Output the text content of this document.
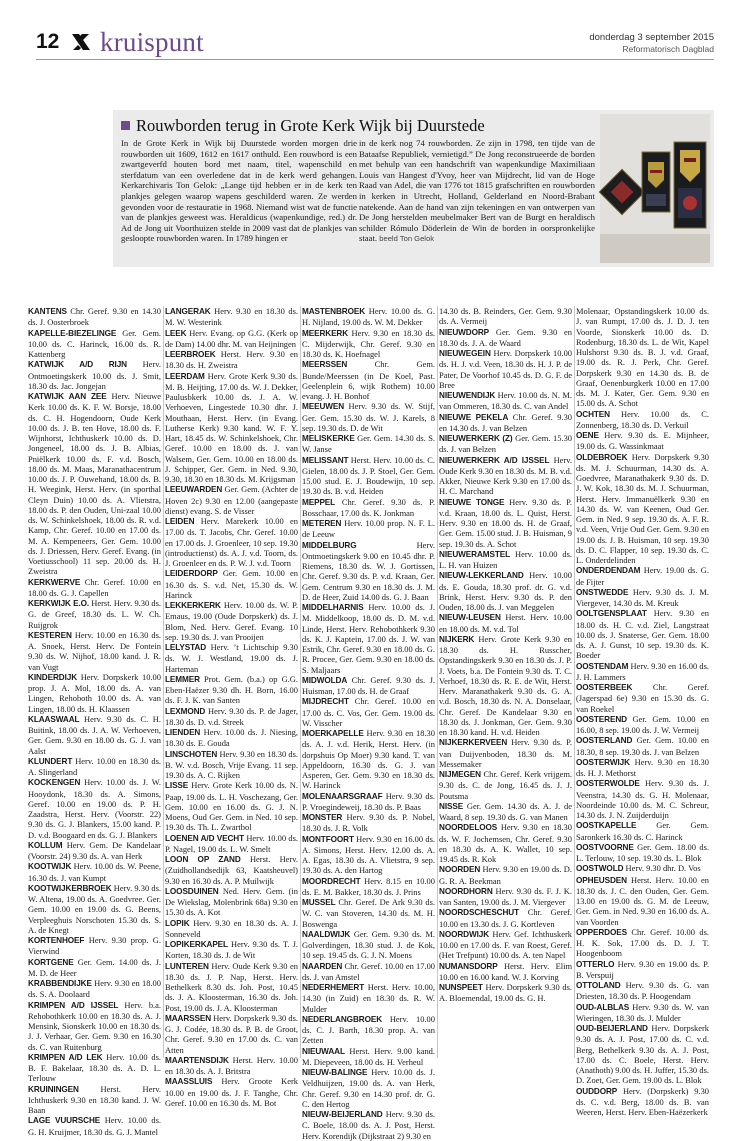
12 kruispunt	donderdag 3 september 2015
Reformatorisch Dagblad
Rouwborden terug in Grote Kerk Wijk bij Duurstede
In de Grote Kerk in Wijk bij Duurstede worden morgen drie rouwborden uit 1609, 1612 en 1617 onthuld. Een rouwbord is een zwartgeverfd houten bord met naam, titel, wapenschild en sterfdatum van een overledene dat in de kerk werd gehangen. Kerkarchivaris Ton Gelok: „Lange tijd hebben er in de kerk ten plankjes gelegen waarop wapens geschilderd waren. Ze werden gevonden voor de restauratie in 1968. Niemand wist wat de functie van de plankjes geweest was. Heraldicus (wapenkundige, red.) dr. Ad de Jong uit Voorthuizen stelde in 2009 vast dat de plankjes van gesloopte rouwborden waren. In 1789 hingen er
in de kerk nog 74 rouwborden. Ze zijn in 1798, ten tijde van de Bataafse Republiek, vernietigd.” De Jong reconstrueerde de borden met behulp van een handschrift van wapenkundige Maximiliaan Louis van Hangest d'Yvoy, heer van Mijdrecht, lid van de Hoge Raad van Adel, die van 1776 tot 1815 grafschriften en rouwborden in kerken in Utrecht, Holland, Gelderland en Noord-Brabant natekende. Aan de hand van zijn tekeningen en van ontwerpen van De Jong herstelden meubelmaker Bert van de Burgt en heraldisch schilder Rómulo Döderlein de Win de borden in oorspronkelijke staat. beeld Ton Gelok
KANTENS Chr. Geref. 9.30 en 14.30 ds. J. Oosterbroek
KAPELLE-BIEZELINGE Ger. Gem. 10.00 ds. C. Harinck, 16.00 ds. R. Kattenberg
KATWIJK A/D RIJN Herv. Ontmoetingskerk 10.00 ds. J. Smit, 18.30 ds. Jac. Jongejan
KATWIJK AAN ZEE Herv. Nieuwe Kerk 10.00 ds. K. F. W. Borsje, 18.00 ds. C. H. Hogendoorn, Oude Kerk 10.00 ds. J. B. ten Hove, 18.00 ds. F. Wijnhorst, Ichthuskerk 10.00 ds. D. Jongeneel, 18.00 ds. J. B. Albias, Pniëlkerk 10.00 ds. F. v.d. Bosch, 18.00 ds. M. Maas, Maranathacentrum 10.00 ds. J. P. Ouwehand, 18.00 ds. B. H. Weegink, Herst. Herv. (in sporthal Cleyn Duin) 10.00 ds. A. Vlietstra, 18.00 ds. P. den Ouden, Uni-zaal 10.00 ds. W. Schinkelshoek, 18.00 ds. R. v.d. Kamp, Chr. Geref. 10.00 en 17.00 ds. M. A. Kempeneers, Ger. Gem. 10.00 ds. J. Driessen, Herv. Geref. Evang. (in Voetiusschool) 11 sep. 20.00 ds. H. Zweistra
KERKWERVE Chr. Geref. 10.00 en 18.00 ds. G. J. Capellen
KERKWIJK E.O. Herst. Herv. 9.30 ds. G. de Greef, 18.30 ds. L. W. Ch. Ruijgrok
KESTEREN Herv. 10.00 en 16.30 ds. A. Snoek, Herst. Herv. De Fontein 9.30 ds. W. Nijhof, 18.00 kand. J. R. van Vugt
KINDERDIJK Herv. Dorpskerk 10.00 prop. J. A. Mol, 18.00 ds. A. van Lingen, Rehoboth 10.00 ds. A. van Lingen, 18.00 ds. H. Klaassen
KLAASWAAL Herv. 9.30 ds. C. H. Buitink, 18.00 ds. J. A. W. Verhoeven, Ger. Gem. 9.30 en 18.00 ds. G. J. van Aalst
KLUNDERT Herv. 10.00 en 18.30 ds. A. Slingerland
KOCKENGEN Herv. 10.00 ds. J. W. Hooydonk, 18.30 ds. A. Simons, Geref. 10.00 en 19.00 ds. P. H. Zaadstra, Herst. Herv. (Voorstr. 22) 9.30 ds. G. J. Blankers, 15.00 kand. P. D. v.d. Boogaard en ds. G. J. Blankers
KOLLUM Herv. Gem. De Kandelaar (Voorstr. 24) 9.30 ds. A. van Herk
KOOTWIJK Herv. 10.00 ds. W. Peene, 16.30 ds. J. van Kumpt
KOOTWIJKERBROEK Herv. 9.30 ds. W. Altena, 19.00 ds. A. Goedvree. Ger. Gem. 10.00 en 19.00 ds. G. Beens, Verpleeghuis Norschoten 15.30 ds. S. A. de Knegt
KORTENHOEF Herv. 9.30 prop. G. Vierwind
KORTGENE Ger. Gem. 14.00 ds. J. M. D. de Heer
KRABBENDIJKE Herv. 9.30 en 18.00 ds. S. A. Doolaard
KRIMPEN A/D IJSSEL Herv. b.a. Rehobothkerk 10.00 en 18.30 ds. A. J. Mensink, Sionskerk 10.00 en 18.30 ds. J. J. Verhaar, Ger. Gem. 9.30 en 16.30 ds. C. van Ruitenburg
KRIMPEN A/D LEK Herv. 10.00 ds. B. F. Bakelaar, 18.30 ds. A. D. L. Terlouw
KRUININGEN	Herst. Herv. Ichthuskerk 9.30 en 18.30 kand. J. W. Baan
LAGE VUURSCHE Herv. 10.00 ds. G. H. Kruijmer, 18.30 ds. G. J. Mantel
LANGERAK Herv. 9.30 en 18.30 ds. M. W. Westerink
LEEK Herv. Evang. op G.G. (Kerk op de Dam) 14.00 dhr. M. van Heijningen
LEERBROEK Herst. Herv. 9.30 en 18.30 ds. H. Zweistra
LEERDAM Herv. Grote Kerk 9.30 ds. M. B. Heijting, 17.00 ds. W. J. Dekker, Paulusbkerk 10.00 ds. J. A. W. Verhoeven, Lingestede 10.30 dhr. J. Mouthaan, Herst. Herv. (in Evang. Lutherse Kerk) 9.30 kand. W. F. Y. Hart, 18.45 ds. W. Schinkelshoek, Chr. Geref. 10.00 en 18.00 ds. J. van Walsem, Ger. Gem. 10.00 en 18.00 ds. J. Schipper, Ger. Gem. in Ned. 9.30, 9.30, 18.30 en 18.30 ds. M. Krijgsman
LEEUWARDEN Ger. Gem. (Achter de Hoven 2c) 9.30 en 12.00 (aangepaste dienst) evang. S. de Visser
LEIDEN Herv. Marekerk 10.00 en 17.00 ds. T. Jacobs, Chr. Geref. 10.00 en 17.00 ds. J. Groenleer, 10 sep. 19.30 (introductienst) ds. A. J. v.d. Toorn, ds. J. Groenleer en ds. P. W. J. v.d. Toorn
LEIDERDORP Ger. Gem. 10.00 en 16.30 ds. S. v.d. Net, 15.30 ds. W. Harinck
LEKKERKERK Herv. 10.00 ds. W. P. Emaus, 19.00 (Oude Dorpskerk) ds. J. Blom, Ned. Herv. Geref. Evang. 10 sep. 19.30 ds. J. van Prooijen
LELYSTAD Herv. ’t Lichtschip 9.30 ds. W. J. Westland, 19.00 ds. J. Harteman
LEMMER Prot. Gem. (b.a.) op G.G. Eben-Haëzer 9.30 dh. H. Born, 16.00 ds. F. J. K. van Santen
LEXMOND Herv. 9.30 ds. P. de Jager, 18.30 ds. D. v.d. Streek
LIENDEN Herv. 10.00 ds. J. Niesing, 18.30 ds. E. Gouda
LINSCHOTEN Herv. 9.30 en 18.30 ds. B. W. v.d. Bosch, Vrije Evang. 11 sep. 19.30 ds. A. C. Rijken
LISSE Herv. Grote Kerk 10.00 ds. N. Paap, 19.00 ds. L. H. Voschezang, Ger. Gem. 10.00 en 16.00 ds. G. J. N. Moens, Oud Ger. Gem. in Ned. 10 sep. 19.30 ds. Th. L. Zwartbol
LOENEN A/D VECHT Herv. 10.00 ds. P. Nagel, 19.00 ds. L. W. Smelt
LOON OP ZAND Herst. Herv. (Zuidhollandsedijk 63, Kaatsheuvel) 9.30 en 16.30 ds. A. P. Muilwijk
LOOSDUINEN Ned. Herv. Gem. (in De Wiekslag, Molenbrink 68a) 9.30 en 15.30 ds. A. Kot
LOPIK Herv. 9.30 en 18.30 ds. A. J. Sonneveld
LOPIKERKAPEL Herv. 9.30 ds. T. J. Korten, 18.30 ds. J. de Wit
LUNTEREN Herv. Oude Kerk 9.30 en 18.30 ds. J. P. Nap, Herst. Herv. Bethelkerk 8.30 ds. Joh. Post, 10.45 ds. J. A. Kloosterman, 16.30 ds. Joh. Post, 19.00 ds. J. A. Kloosterman
MAARSSEN Herv. Dorpskerk 9.30 ds. G. J. Codée, 18.30 ds. P. B. de Groot, Chr. Geref. 9.30 en 17.00 ds. C. van Atten
MAARTENSDIJK Herst. Herv. 10.00 en 18.30 ds. A. J. Britstra
MAASSLUIS Herv. Groote Kerk 10.00 en 19.00 ds. J. F. Tanghe, Chr. Geref. 10.00 en 16.30 ds. M. Bot
MASTENBROEK Herv. 10.00 ds. G. H. Nijland, 19.00 ds. W. M. Dekker
MEERKERK Herv. 9.30 en 18.30 ds. C. Mijderwijk, Chr. Geref. 9.30 en 18.30 ds. K. Hoefnagel
MEERSSEN	Chr. Gem. Bunde/Meerssen (in De Koel, Past. Geelenplein 6, wijk Rothem) 10.00 evang. J. H. Bonhof
MEEUWEN Herv. 9.30 ds. W. Stijf, Ger. Gem. 15.30 ds. W. J. Karels, 8 sep. 19.30 ds. D. de Wit
MELISKERKE Ger. Gem. 14.30 ds. S. W. Janse
MELISSANT Herst. Herv. 10.00 ds. C. Gielen, 18.00 ds. J. P. Stoel, Ger. Gem. 15.00 stud. E. J. Boudewijn, 10 sep. 19.30 ds. B. v.d. Heiden
MEPPEL Chr. Geref. 9.30 ds. P. Bosschaar, 17.00 ds. K. Jonkman
METEREN Herv. 10.00 prop. N. F. L. de Leeuw
MIDDELBURG	Herv. Ontmoetingskerk 9.00 en 10.45 dhr. P. Riemens, 18.30 ds. W. J. Gortissen, Chr. Geref. 9.30 ds. P. v.d. Kraan, Ger. Gem. Centrum 9.30 en 18.30 ds. J. M. D. de Heer, Zuid 14.00 ds. G. J. Baan
MIDDELHARNIS Herv. 10.00 ds. J. M. Middelkoop, 18.00 ds. D. M. v.d. Linde, Herst. Herv. Rehobothkerk 9.30 ds. K. J. Kaptein, 17.00 ds. J. W. van Estrik, Chr. Geref. 9.30 en 18.00 ds. G. R. Procee, Ger. Gem. 9.30 en 18.00 ds. S. Maljaars
MIDWOLDA Chr. Geref. 9.30 ds. J. Huisman, 17.00 ds. H. de Graaf
MIJDRECHT Chr. Geref. 10.00 en 17.00 ds. C. Vos, Ger. Gem. 19.00 ds. W. Visscher
MOERKAPELLE Herv. 9.30 en 18.30 ds. A. J. v.d. Herik, Herst. Herv. (in dorpshuis Op Moer) 9.30 kand. T. van Appeldoorn, 16.30 ds. G. J. van Asperen, Ger. Gem. 9.30 en 18.30 ds. W. Harinck
MOLENAARSGRAAF Herv. 9.30 ds. P. Vroegindeweij, 18.30 ds. P. Baas
MONSTER Herv. 9.30 ds. P. Nobel, 18.30 ds. J. R. Volk
MONTFOORT Herv. 9.30 en 16.00 ds. A. Simons, Herst. Herv. 12.00 ds. A. A. Egas, 18.30 ds. A. Vlietstra, 9 sep. 19.30 ds. A. den Hartog
MOORDRECHT Herv. 8.15 en 10.00 ds. E. M. Bakker, 18.30 ds. J. Prins
MUSSEL Chr. Geref. De Ark 9.30 ds. W. C. van Stoveren, 14.30 ds. M. H. Boswenga
NAALDWIJK Ger. Gem. 9.30 ds. M. Golverdingen, 18.30 stud. J. de Kok, 10 sep. 19.45 ds. G. J. N. Moens
NAARDEN Chr. Geref. 10.00 en 17.00 ds. J. van Amstel
NEDERHEMERT Herst. Herv. 10.00, 14.30 (in Zuid) en 18.30 ds. R. W. Mulder
NEDERLANGBROEK Herv. 10.00 ds. C. J. Barth, 18.30 prop. A. van Zetten
NIEUWAAL Herst. Herv. 9.00 kand. M. Diepeveen, 18.00 ds. H. Verheul
NIEUW-BALINGE Herv. 10.00 ds. J. Veldhuijzen, 19.00 ds. A. van Herk, Chr. Geref. 9.30 en 14.30 prof. dr. G. C. den Hertog
NIEUW-BEIJERLAND Herv. 9.30 ds. C. Boele, 18.00 ds. A. J. Post, Herst. Herv. Korendijk (Dijkstraat 2) 9.30 en
14.30 ds. B. Reinders, Ger. Gem. 9.30 ds. A. Vermeij
NIEUWDORP Ger. Gem. 9.30 en 18.30 ds. J. A. de Waard
NIEUWEGEIN Herv. Dorpskerk 10.00 ds. H. J. v.d. Veen, 18.30 ds. H. J. P. de Pater, De Voorhof 10.45 ds. D. G. F. de Bree
NIEUWENDIJK Herv. 10.00 ds. N. M. van Ommeren, 18.30 ds. C. van Andel
NIEUWE PEKELA Chr. Geref. 9.30 en 14.30 ds. J. van Belzen
NIEUWERKERK (Z) Ger. Gem. 15.30 ds. J. van Belzen
NIEUWERKERK A/D IJSSEL Herv. Oude Kerk 9.30 en 18.30 ds. M. B. v.d. Akker, Nieuwe Kerk 9.30 en 17.00 ds. H. C. Marchand
NIEUWE TONGE Herv. 9.30 ds. P. v.d. Kraan, 18.00 ds. L. Quist, Herst. Herv. 9.30 en 18.00 ds. H. de Graaf, Ger. Gem. 15.00 stud. J. B. Huisman, 9 sep. 19.30 ds. A. Schot
NIEUWERAMSTEL Herv. 10.00 ds. L. H. van Huizen
NIEUW-LEKKERLAND Herv. 10.00 ds. E. Gouda, 18.30 prof. dr. G. v.d. Brink, Herst. Herv. 9.30 ds. P. den Ouden, 18.00 ds. J. van Meggelen
NIEUW-LEUSEN Herst. Herv. 10.00 en 18.00 ds. M. v.d. Tol
NIJKERK Herv. Grote Kerk 9.30 en 18.30 ds. H. Russcher, Opstandingskerk 9.30 en 18.30 ds. J. P. J. Voets, b.a. De Fontein 9.30 ds. T. C. Verhoef, 18.30 ds. R. E. de Wit, Herst. Herv. Maranathakerk 9.30 ds. G. A. v.d. Bosch, 18.30 ds. N. A. Donselaar, Chr. Geref. De Kandelaar 9.30 en 18.30 ds. J. Jonkman, Ger. Gem. 9.30 en 18.30 kand. H. v.d. Heiden
NIJKERKERVEEN Herv. 9.30 ds. P. van Duijvenboden, 18.30 ds. M. Messemaker
NIJMEGEN Chr. Geref. Kerk vrijgem. 9.30 ds. C. de Jong, 16.45 ds. J. J. Poutsma
NISSE Ger. Gem. 14.30 ds. A. J. de Waard, 8 sep. 19.30 ds. G. van Manen
NOORDELOOS Herv. 9.30 en 18.30 ds. W. F. Jochemsen, Chr. Geref. 9.30 en 18.30 ds. A. K. Wallet, 10 sep. 19.45 ds. R. Kok
NOORDEN Herv. 9.30 en 19.00 ds. D. G. R. A. Beekman
NOORDHORN Herv. 9.30 ds. F. J. K. van Santen, 19.00 ds. J. M. Viergever
NOORDSCHESCHUT Chr. Geref. 10.00 en 13.30 ds. J. G. Kortleven
NOORDWIJK Herv. Gef. Ichthuskerk 10.00 en 17.00 ds. F. van Roest, Geref. (Het Trefpunt) 10.00 ds. A. ten Napel
NUMANSDORP Herst. Herv. Elim 10.00 en 16.00 kand. W. J. Korving
NUNSPEET Herv. Dorpskerk 9.30 ds. A. Bloemendal, 19.00 ds. G. H.
Molenaar, Opstandingskerk 10.00 ds. J. van Rumpt, 17.00 ds. J. D. J. ten Voorde, Sionskerk 10.00 ds. D. Rodenburg, 18.30 ds. L. de Wit, Kapel Hulshorst 9.30 ds. B. J. v.d. Graaf, 19.00 ds. R. J. Perk, Chr. Geref. Dorpskerk 9.30 en 14.30 ds. B. de Graaf, Oenenburgkerk 10.00 en 17.00 ds. M. J. Kater, Ger. Gem. 9.30 en 15.00 ds. A. Schot
OCHTEN Herv. 10.00 ds. C. Zonnenberg, 18.30 ds. D. Verkuil
OENE Herv. 9.30 ds. E. Mijnheer, 19.00 ds. G. Wassinkmaat
OLDEBROEK Herv. Dorpskerk 9.30 ds. M. J. Schuurman, 14.30 ds. A. Goedvree, Maranathakerk 9.30 ds. D. J. W. Kok, 18.30 ds. M. J. Schuurman, Herst. Herv. Immanuëlkerk 9.30 en 14.30 ds. W. van Keenen, Oud Ger. Gem. in Ned. 9 sep. 19.30 ds. A. F. R. v.d. Veen, Vrije Oud Ger. Gem. 9.30 en 19.00 ds. J. B. Huisman, 10 sep. 19.30 ds. D. C. Flapper, 10 sep. 19.30 ds. C. L. Onderdelinden
ONDERDENDAM Herv. 19.00 ds. G. de Fijter
ONSTWEDDE Herv. 9.30 ds. J. M. Viergever, 14.30 ds. M. Kreuk
OOLTGENSPLAAT Herv. 9.30 en 18.00 ds. H. C. v.d. Ziel, Langstraat 10.00 ds. J. Snaterse, Ger. Gem. 18.00 ds. A. J. Gunst, 10 sep. 19.30 ds. K. Boeder
OOSTENDAM Herv. 9.30 en 16.00 ds. J. H. Lammers
OOSTERBEEK Chr. Geref. (Jagerspad 6e) 9.30 en 15.30 ds. G. van Roekel
OOSTEREND Ger. Gem. 10.00 en 16.00, 8 sep. 19.00 ds. J. W. Vermeij
OOSTERLAND Ger. Gem. 10.00 en 18.30, 8 sep. 19.30 ds. J. van Belzen
OOSTERWIJK Herv. 9.30 en 18.30 ds. H. J. Methorst
OOSTERWOLDE Herv. 9.30 ds. J. Veenstra, 14.30 ds. G. H. Molenaar, Noordeinde 10.00 ds. M. C. Schreur, 14.30 ds. J. N. Zuijderduijn
OOSTKAPELLE Ger. Gem. Saronkerk 16.30 ds. C. Harinck
OOSTVOORNE Ger. Gem. 18.00 ds. L. Terlouw, 10 sep. 19.30 ds. L. Blok
OOSTWOLD Herv. 9.30 dhr. D. Vos
OPHEUSDEN Herst. Herv. 10.00 en 18.30 ds. J. C. den Ouden, Ger. Gem. 13.00 en 19.00 ds. G. M. de Leeuw, Ger. Gem. in Ned. 9.30 en 16.00 ds. A. van Voorden
OPPERDOES Chr. Geref. 10.00 ds. H. K. Sok, 17.00 ds. D. J. T. Hoogenboom
OTTERLO Herv. 9.30 en 19.00 ds. P. B. Verspuij
OTTOLAND Herv. 9.30 ds. G. van Driesten, 18.30 ds. P. Hoogendam
OUD-ALBLAS Herv. 9.30 ds. W. van Wieringen, 18.30 ds. J. Mulder
OUD-BEIJERLAND Herv. Dorpskerk 9.30 ds. A. J. Post, 17.00 ds. C. v.d. Berg, Bethelkerk 9.30 ds. A. J. Post, 17.00 ds. C. Boele, Herst. Herv. (Anathoth) 9.00 ds. H. Juffer, 15.30 ds. D. Zoet, Ger. Gem. 19.00 ds. L. Blok
OUDDORP Herv. (Dorpskerk) 9.30 ds. C. v.d. Berg, 18.00 ds. B. van Weeren, Herst. Herv. Eben-Haëzerkerk
